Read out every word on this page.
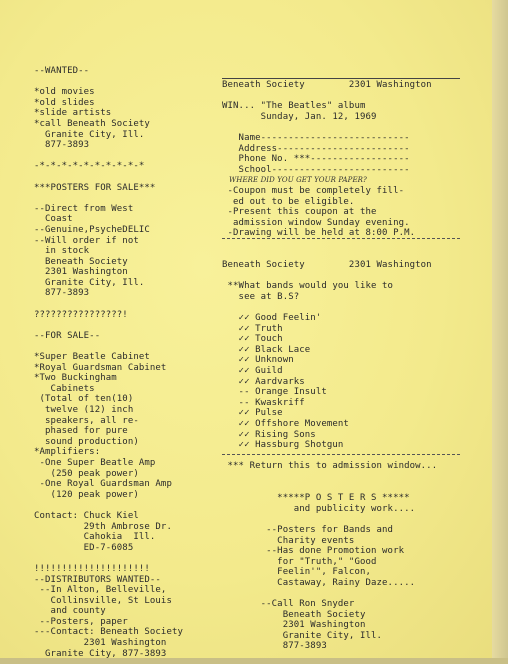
--WANTED--
*old movies
*old slides
*slide artists
*call Beneath Society
Granite City, Ill.
877-3893
-*-*-*-*-*-*-*-*-*-*
***POSTERS FOR SALE***
--Direct from West
Coast
--Genuine,PsycheDELIC
--Will order if not
in stock
Beneath Society
2301 Washington
Granite City, Ill.
877-3893
????????????????!
--FOR SALE--
*Super Beatle Cabinet
*Royal Guardsman Cabinet
*Two Buckingham
Cabinets
(Total of ten(10)
twelve (12) inch
speakers, all re-
phased for pure
sound production)
*Amplifiers:
-One Super Beatle Amp
(250 peak power)
-One Royal Guardsman Amp
(120 peak power)
Contact: Chuck Kiel
29th Ambrose Dr.
Cahokia  Ill.
ED-7-6085
!!!!!!!!!!!!!!!!!!!!!
--DISTRIBUTORS WANTED--
--In Alton, Belleville,
Collinsville, St Louis
and county
--Posters, paper
---Contact: Beneath Society
2301 Washington
Granite City, 877-3893
Beneath Society        2301 Washington
WIN... "The Beatles" album
Sunday, Jan. 12, 1969
Name---------------------------
Address------------------------
Phone No. ***------------------
School-------------------------
WHERE DID YOU GET YOUR PAPER?
-Coupon must be completely fill-
ed out to be eligible.
-Present this coupon at the
admission window Sunday evening.
-Drawing will be held at 8:00 P.M.
Beneath Society        2301 Washington
**What bands would you like to
see at B.S?
✓✓ Good Feelin'
✓✓ Truth
✓✓ Touch
✓✓ Black Lace
✓✓ Unknown
✓✓ Guild
✓✓ Aardvarks
-- Orange Insult
-- Kwaskriff
✓✓ Pulse
✓✓ Offshore Movement
✓✓ Rising Sons
✓✓ Hassburg Shotgun
*** Return this to admission window...
*****P O S T E R S *****
and publicity work....
--Posters for Bands and
Charity events
--Has done Promotion work
for "Truth," "Good
Feelin'", Falcon,
Castaway, Rainy Daze.....
--Call Ron Snyder
Beneath Society
2301 Washington
Granite City, Ill.
877-3893
